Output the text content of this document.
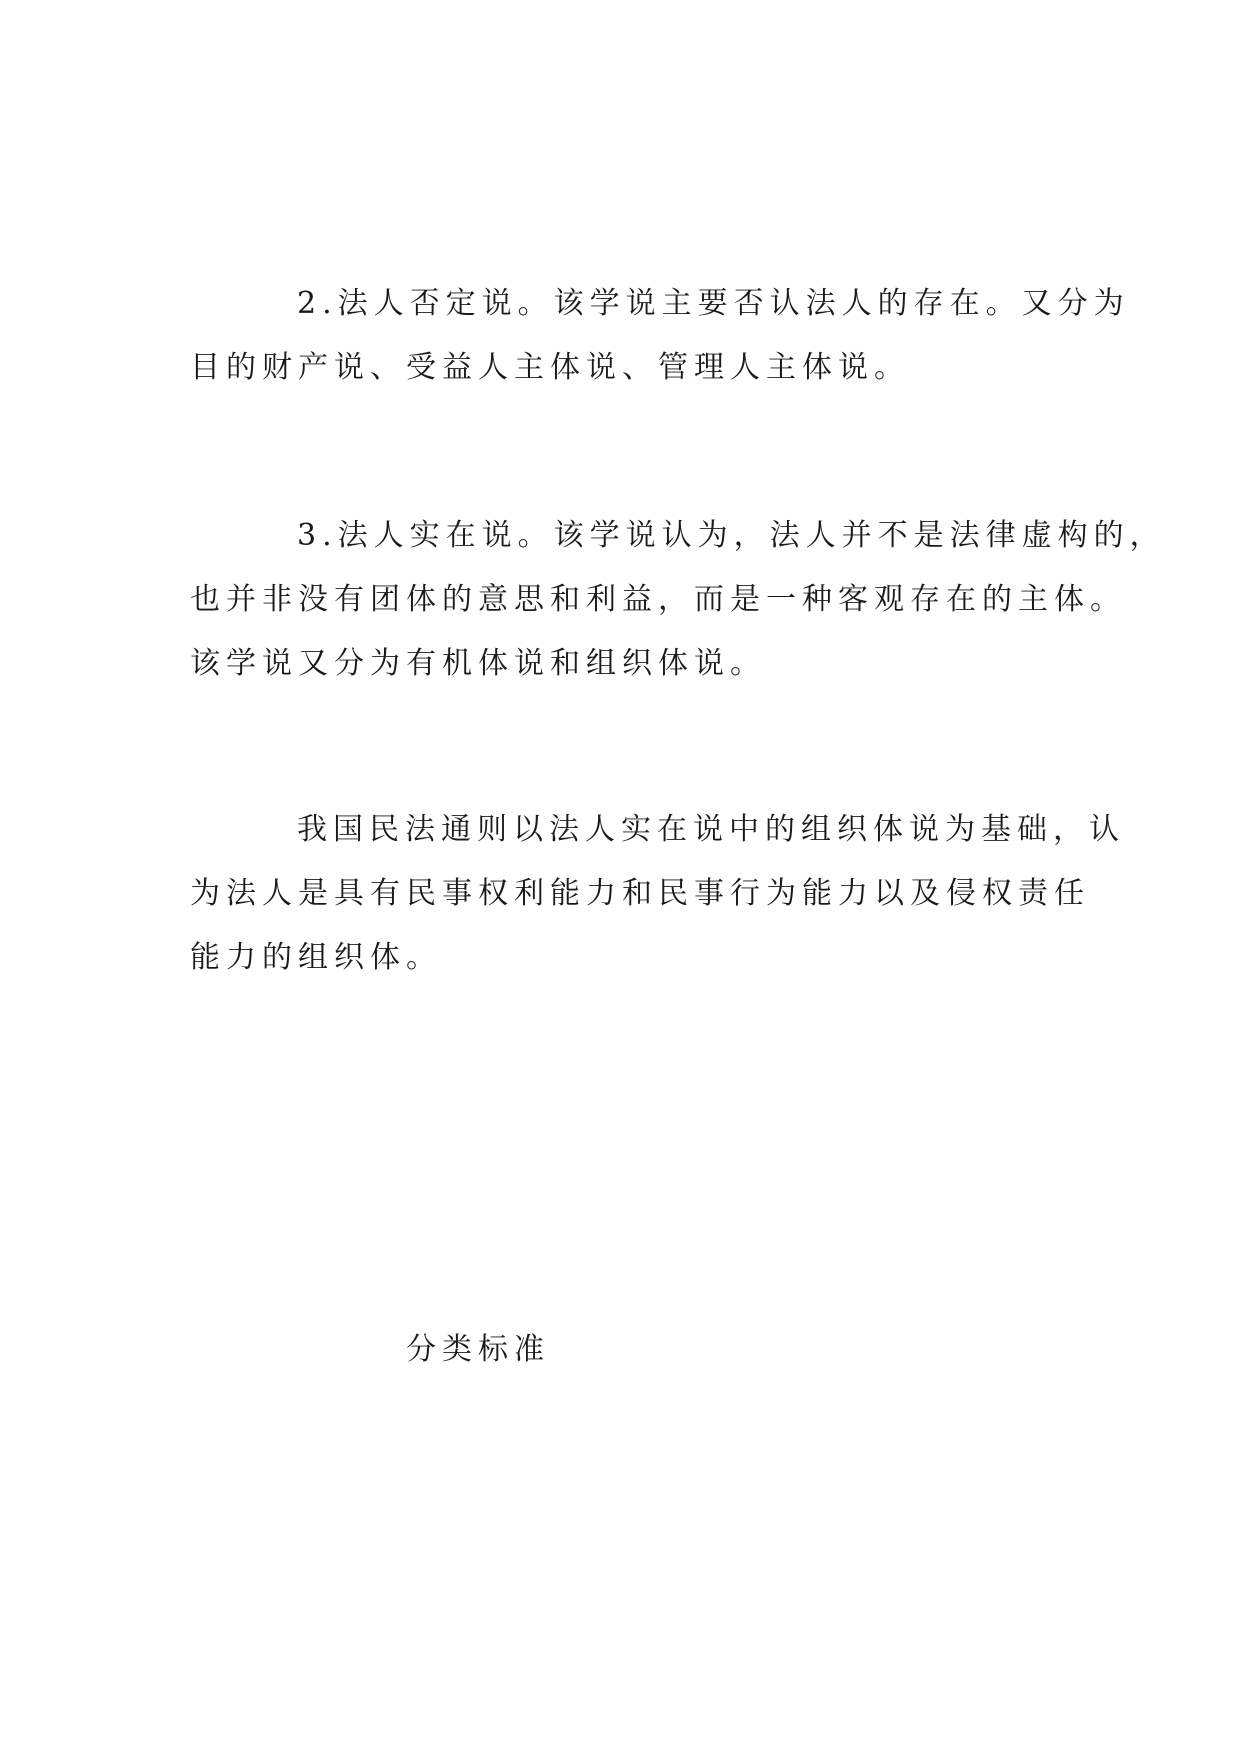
2.法人否定说。该学说主要否认法人的存在。又分为
目的财产说、受益人主体说、管理人主体说。

3.法人实在说。该学说认为，法人并不是法律虚构的，
也并非没有团体的意思和利益，而是一种客观存在的主体。
该学说又分为有机体说和组织体说。

我国民法通则以法人实在说中的组织体说为基础，认
为法人是具有民事权利能力和民事行为能力以及侵权责任
能力的组织体。

分类标准
